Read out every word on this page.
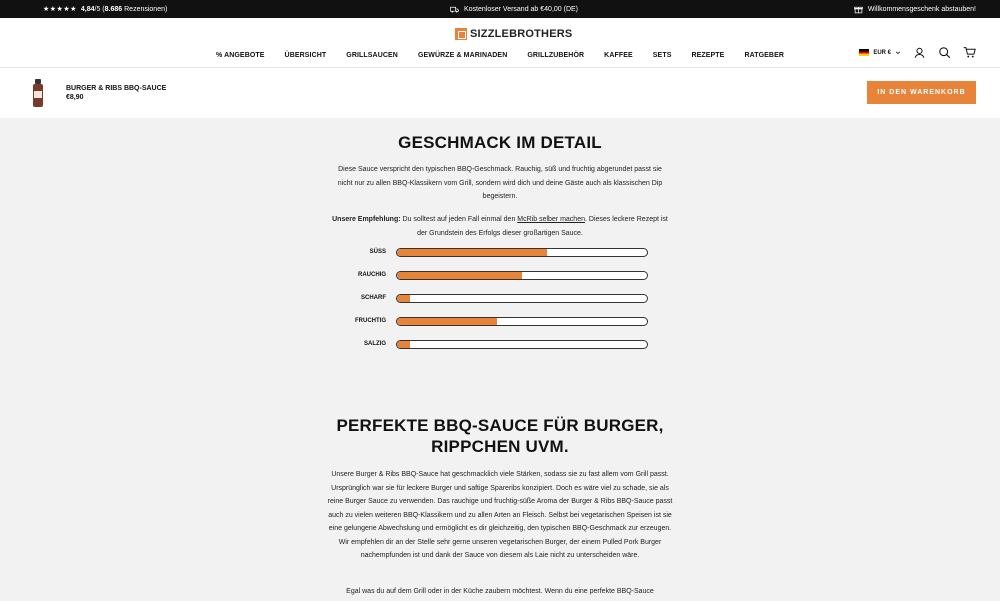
★★★★★ 4,84/5 (8.686 Rezensionen)	Kostenloser Versand ab €40,00 (DE)	Willkommensgeschenk abstauben!
SIZZLEBROTHERS
% ANGEBOTE	ÜBERSICHT	GRILLSAUCEN	GEWÜRZE & MARINADEN	GRILLZUBEHÖR	KAFFEE	SETS	REZEPTE	RATGEBER	EUR €
BURGER & RIBS BBQ-SAUCE
€8,90
IN DEN WARENKORB
GESCHMACK IM DETAIL

Diese Sauce verspricht den typischen BBQ-Geschmack. Rauchig, süß und fruchtig abgerundet passt sie nicht nur zu allen BBQ-Klassikern vom Grill, sondern wird dich und deine Gäste auch als klassischen Dip begeistern.

Unsere Empfehlung: Du solltest auf jeden Fall einmal den McRib selber machen. Dieses leckere Rezept ist der Grundstein des Erfolgs dieser großartigen Sauce.

SÜSS
RAUCHIG
SCHARF
FRUCHTIG
SALZIG
PERFEKTE BBQ-SAUCE FÜR BURGER,
RIPPCHEN UVM.

Unsere Burger & Ribs BBQ-Sauce hat geschmacklich viele Stärken, sodass sie zu fast allem vom Grill passt. Ursprünglich war sie für leckere Burger und saftige Spareribs konzipiert. Doch es wäre viel zu schade, sie als reine Burger Sauce zu verwenden. Das rauchige und fruchtig-süße Aroma der Burger & Ribs BBQ-Sauce passt auch zu vielen weiteren BBQ-Klassikern und zu allen Arten an Fleisch. Selbst bei vegetarischen Speisen ist sie eine gelungene Abwechslung und ermöglicht es dir gleichzeitig, den typischen BBQ-Geschmack zur erzeugen. Wir empfehlen dir an der Stelle sehr gerne unseren vegetarischen Burger, der einem Pulled Pork Burger nachempfunden ist und dank der Sauce von diesem als Laie nicht zu unterscheiden wäre.

Egal was du auf dem Grill oder in der Küche zaubern möchtest. Wenn du eine perfekte BBQ-Sauce
